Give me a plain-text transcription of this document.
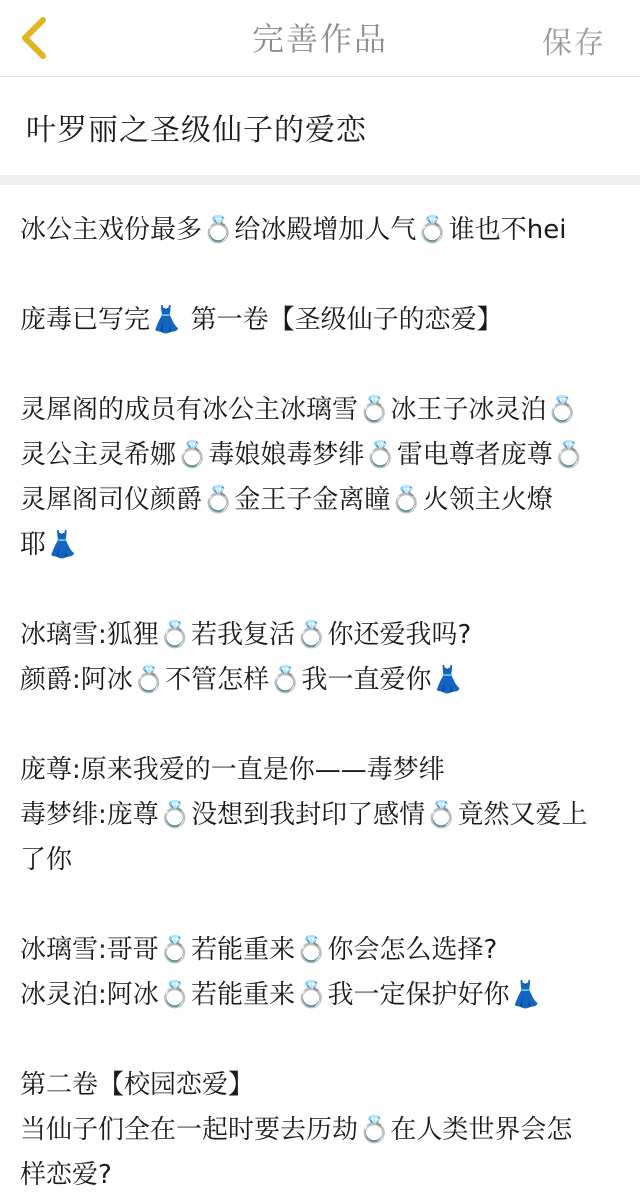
完善作品	保存
叶罗丽之圣级仙子的爱恋
冰公主戏份最多💍给冰殿增加人气💍谁也不hei
庞毒已写完👗 第一卷【圣级仙子的恋爱】
灵犀阁的成员有冰公主冰璃雪💍冰王子冰灵泊💍
灵公主灵希娜💍毒娘娘毒梦绯💍雷电尊者庞尊💍
灵犀阁司仪颜爵💍金王子金离瞳💍火领主火燎
耶👗
冰璃雪:狐狸💍若我复活💍你还爱我吗?
颜爵:阿冰💍不管怎样💍我一直爱你👗
庞尊:原来我爱的一直是你——毒梦绯
毒梦绯:庞尊💍没想到我封印了感情💍竟然又爱上
了你
冰璃雪:哥哥💍若能重来💍你会怎么选择?
冰灵泊:阿冰💍若能重来💍我一定保护好你👗
第二卷【校园恋爱】
当仙子们全在一起时要去历劫💍在人类世界会怎
样恋爱?
